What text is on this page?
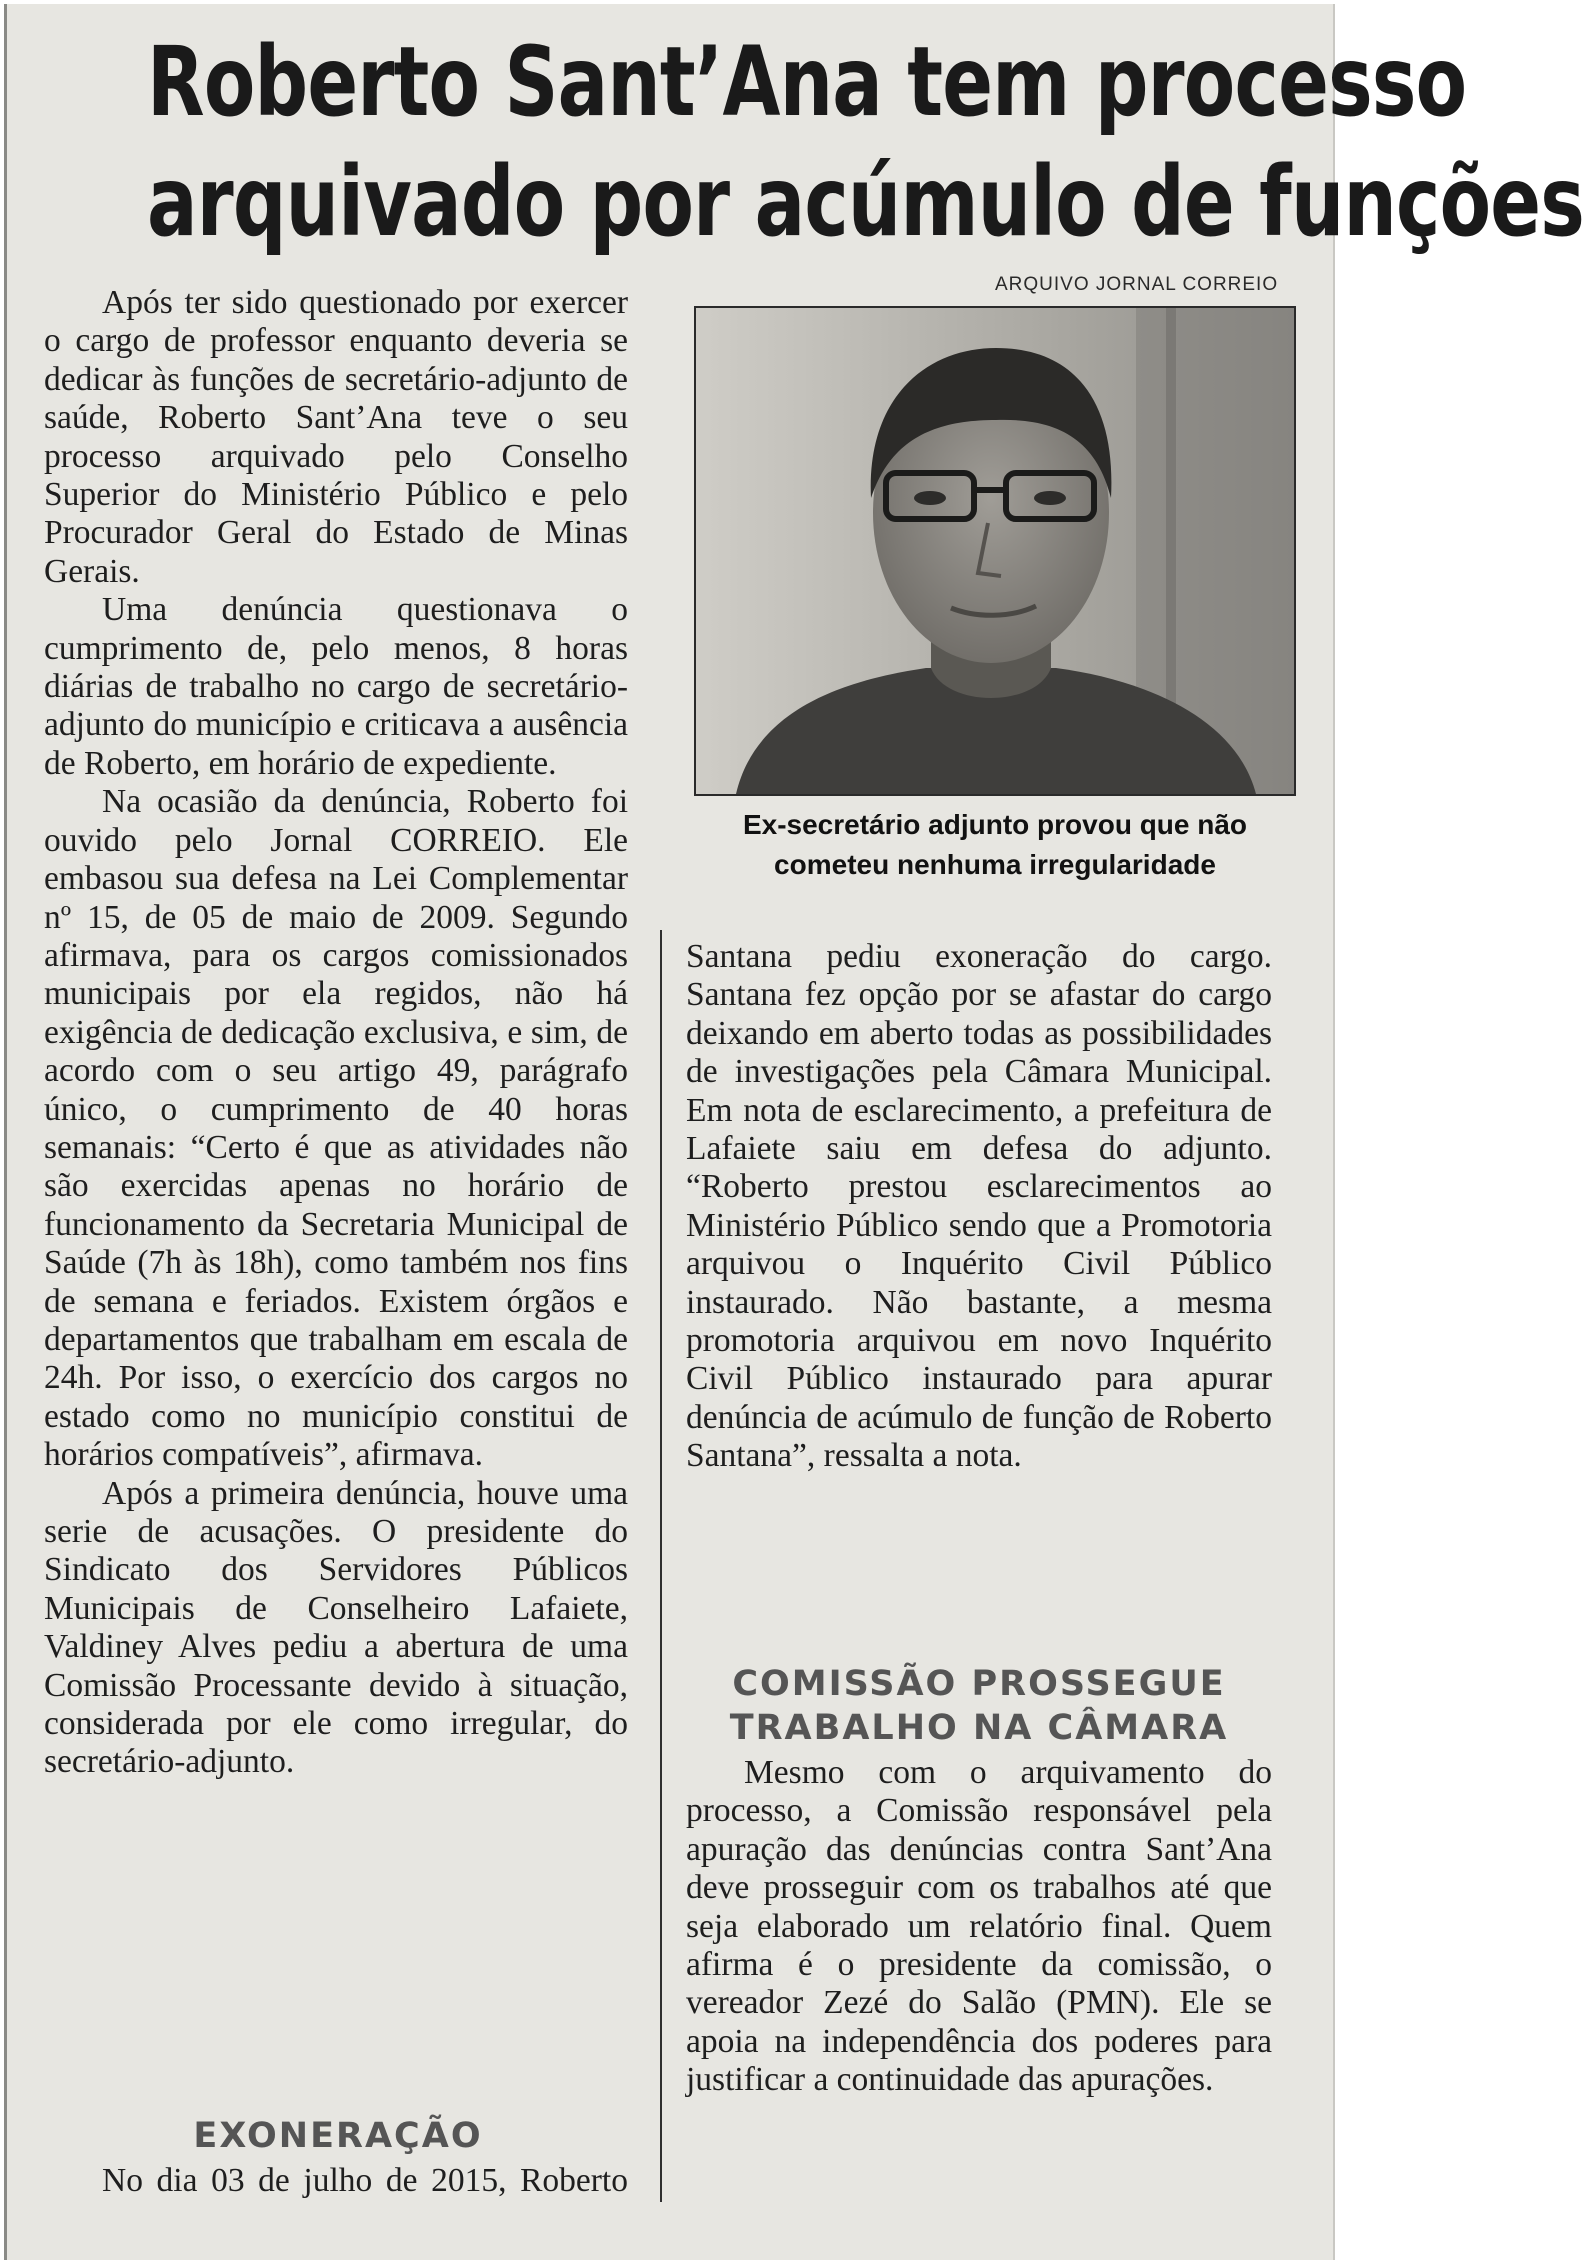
Roberto Sant’Ana tem processo
arquivado por acúmulo de funções
ARQUIVO JORNAL CORREIO
Ex-secretário adjunto provou que não
cometeu nenhuma irregularidade

Após ter sido questionado por exercer o cargo de professor enquanto deveria se dedicar às funções de secretário-adjunto de saúde, Roberto Sant’Ana teve o seu processo arquivado pelo Conselho Superior do Ministério Público e pelo Procurador Geral do Estado de Minas Gerais.

Uma denúncia questionava o cumprimento de, pelo menos, 8 horas diárias de trabalho no cargo de secretário-adjunto do município e criticava a ausência de Roberto, em horário de expediente.

Na ocasião da denúncia, Roberto foi ouvido pelo Jornal CORREIO. Ele embasou sua defesa na Lei Complementar nº 15, de 05 de maio de 2009. Segundo afirmava, para os cargos comissionados municipais por ela regidos, não há exigência de dedicação exclusiva, e sim, de acordo com o seu artigo 49, parágrafo único, o cumprimento de 40 horas semanais: “Certo é que as atividades não são exercidas apenas no horário de funcionamento da Secretaria Municipal de Saúde (7h às 18h), como também nos fins de semana e feriados. Existem órgãos e departamentos que trabalham em escala de 24h. Por isso, o exercício dos cargos no estado como no município constitui de horários compatíveis”, afirmava.

Após a primeira denúncia, houve uma serie de acusações. O presidente do Sindicato dos Servidores Públicos Municipais de Conselheiro Lafaiete, Valdiney Alves pediu a abertura de uma Comissão Processante devido à situação, considerada por ele como irregular, do secretário-adjunto.

EXONERAÇÃO

No dia 03 de julho de 2015, Roberto

Santana pediu exoneração do cargo. Santana fez opção por se afastar do cargo deixando em aberto todas as possibilidades de investigações pela Câmara Municipal. Em nota de esclarecimento, a prefeitura de Lafaiete saiu em defesa do adjunto. “Roberto prestou esclarecimentos ao Ministério Público sendo que a Promotoria arquivou o Inquérito Civil Público instaurado. Não bastante, a mesma promotoria arquivou em novo Inquérito Civil Público instaurado para apurar denúncia de acúmulo de função de Roberto Santana”, ressalta a nota.

COMISSÃO PROSSEGUE
TRABALHO NA CÂMARA

Mesmo com o arquivamento do processo, a Comissão responsável pela apuração das denúncias contra Sant’Ana deve prosseguir com os trabalhos até que seja elaborado um relatório final. Quem afirma é o presidente da comissão, o vereador Zezé do Salão (PMN). Ele se apoia na independência dos poderes para justificar a continuidade das apurações.
